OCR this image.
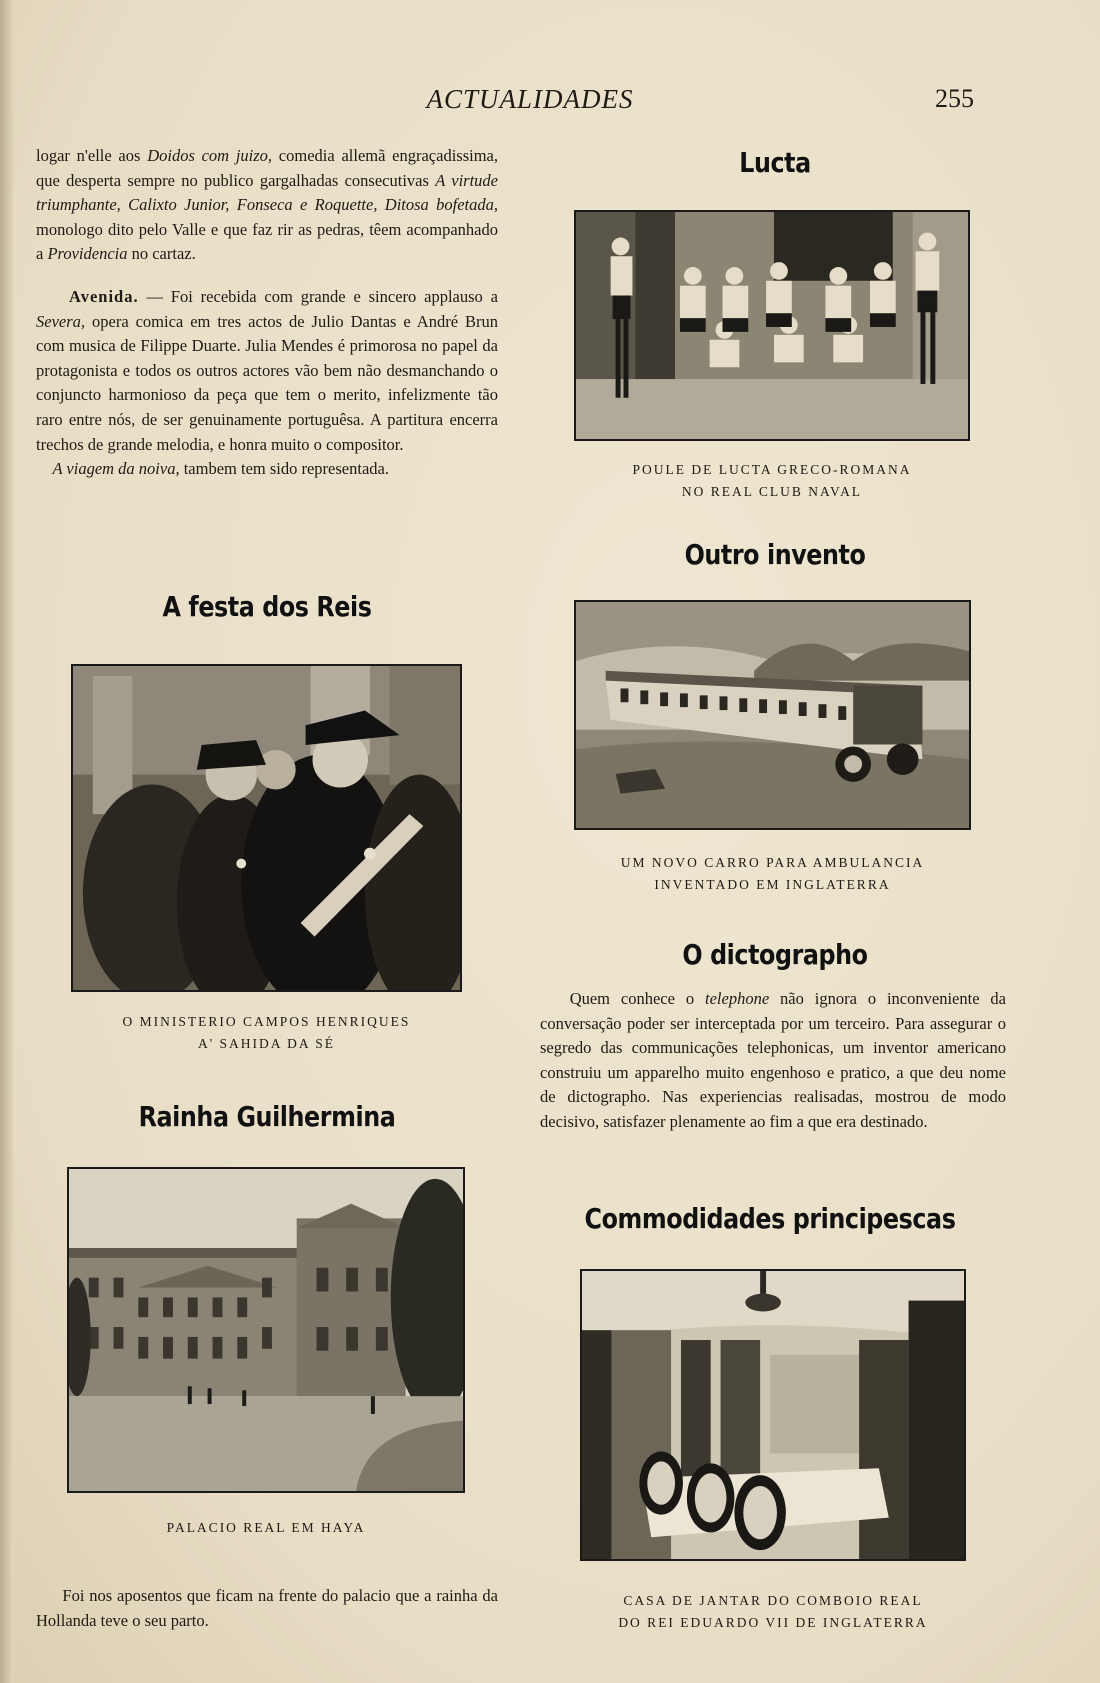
ACTUALIDADES	255

logar n'elle aos Doidos com juizo, comedia allemã engraçadissima, que desperta sempre no publico gargalhadas consecutivas A virtude triumphante, Calixto Junior, Fonseca e Roquette, Ditosa bofetada, monologo dito pelo Valle e que faz rir as pedras, têem acompanhado a Providencia no cartaz.

Avenida. — Foi recebida com grande e sincero applauso a Severa, opera comica em tres actos de Julio Dantas e André Brun com musica de Filippe Duarte. Julia Mendes é primorosa no papel da protagonista e todos os outros actores vão bem não desmanchando o conjuncto harmonioso da peça que tem o merito, infelizmente tão raro entre nós, de ser genuinamente portuguêsa. A partitura encerra trechos de grande melodia, e honra muito o compositor.

A viagem da noiva, tambem tem sido representada.

A festa dos Reis
O MINISTERIO CAMPOS HENRIQUES
A' SAHIDA DA SÉ
Rainha Guilhermina
PALACIO REAL EM HAYA

Foi nos aposentos que ficam na frente do palacio que a rainha da Hollanda teve o seu parto.

Lucta
POULE DE LUCTA GRECO-ROMANA
NO REAL CLUB NAVAL
Outro invento
UM NOVO CARRO PARA AMBULANCIA
INVENTADO EM INGLATERRA
O dictographo

Quem conhece o telephone não ignora o inconveniente da conversação poder ser interceptada por um terceiro. Para assegurar o segredo das communicações telephonicas, um inventor americano construiu um apparelho muito engenhoso e pratico, a que deu nome de dictographo. Nas experiencias realisadas, mostrou de modo decisivo, satisfazer plenamente ao fim a que era destinado.

Commodidades principescas
CASA DE JANTAR DO COMBOIO REAL
DO REI EDUARDO VII DE INGLATERRA
